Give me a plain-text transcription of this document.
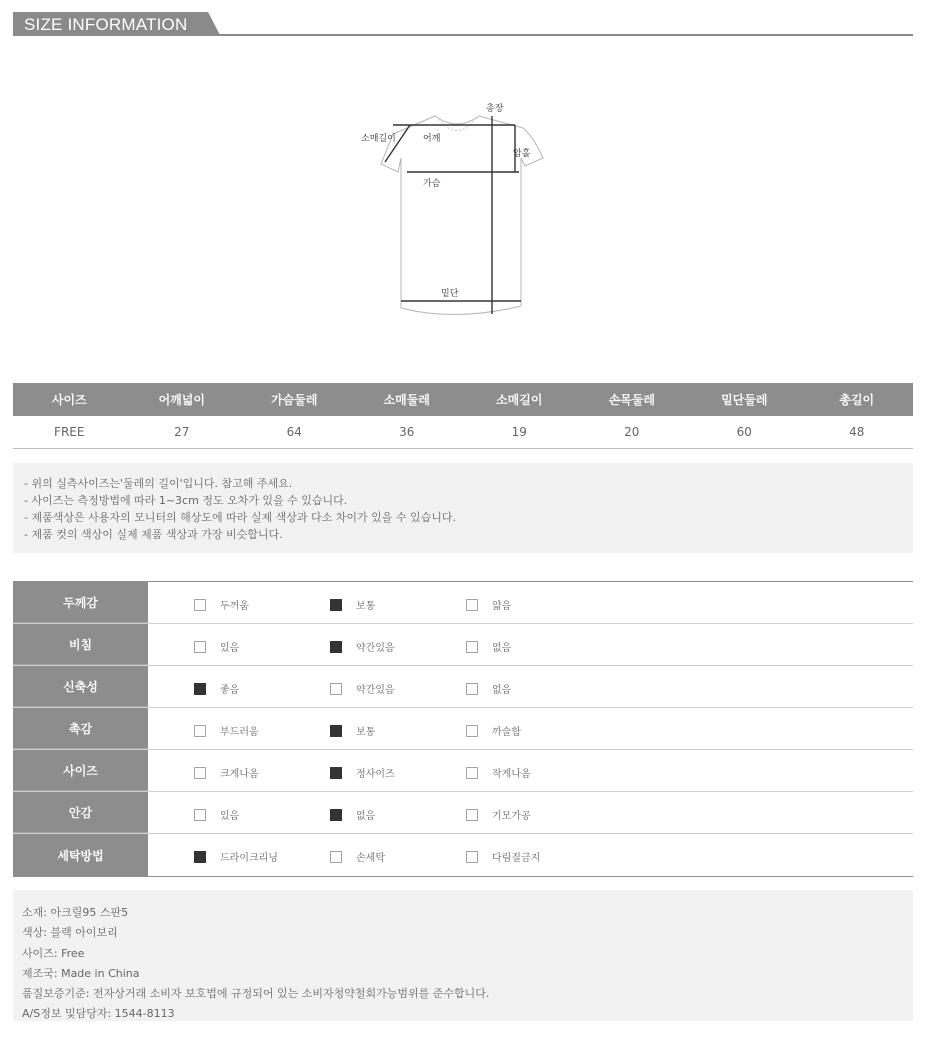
SIZE INFORMATION
총장
소매길이	어깨
암홀
가슴
밑단
사이즈	어깨넓이	가슴둘레	소매둘레	소매길이	손목둘레	밑단둘레	총길이
FREE	27	64	36	19	20	60	48

- 위의 실측사이즈는'둘레의 길이'입니다. 참고해 주세요.

- 사이즈는 측정방법에 따라 1~3cm 정도 오차가 있을 수 있습니다.

- 제품색상은 사용자의 모니터의 해상도에 따라 실제 색상과 다소 차이가 있을 수 있습니다.

- 제품 컷의 색상이 실제 제품 색상과 가장 비슷합니다.

두께감	두꺼움	보통	얇음
비침	있음	약간있음	없음
신축성	좋음	약간있음	없음
촉감	부드러움	보통	까슬함
사이즈	크게나옴	정사이즈	작게나옴
안감	있음	없음	기모가공
세탁방법	드라이크리닝	손세탁	다림질금지

소재: 아크릴95 스판5

색상: 블랙 아이보리

사이즈: Free

제조국: Made in China

품질보증기준: 전자상거래 소비자 보호법에 규정되어 있는 소비자청약철회가능범위를 준수합니다.

A/S정보 및담당자: 1544-8113
